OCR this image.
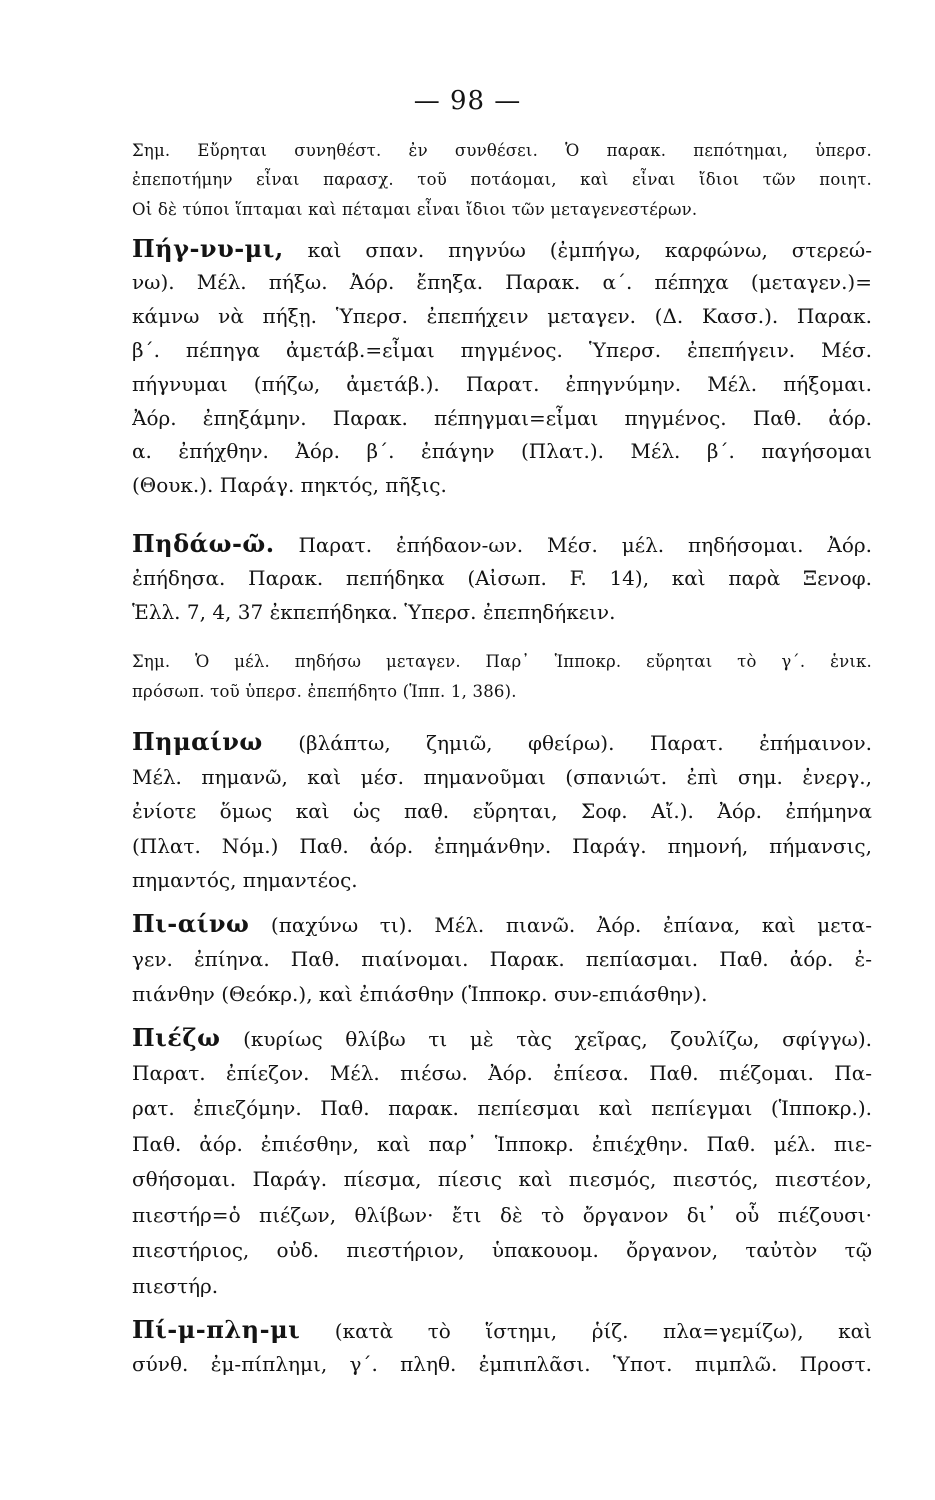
— 98 —
Σημ. Εὔρηται συνηθέστ. ἐν συνθέσει. Ὁ παρακ. πεπότημαι, ὑπερσ.
ἐπεποτήμην εἶναι παρασχ. τοῦ ποτάομαι, καὶ εἶναι ἴδιοι τῶν ποιητ.
Οἱ δὲ τύποι ἵπταμαι καὶ πέταμαι εἶναι ἴδιοι τῶν μεταγενεστέρων.
Πήγ-νυ-μι, καὶ σπαν. πηγνύω (ἐμπήγω, καρφώνω, στερεώ-
νω). Μέλ. πήξω. Ἀόρ. ἔπηξα. Παρακ. α΄. πέπηχα (μεταγεν.)=
κάμνω νὰ πήξῃ. Ὑπερσ. ἐπεπήχειν μεταγεν. (Δ. Κασσ.). Παρακ.
β΄. πέπηγα ἀμετάβ.=εἶμαι πηγμένος. Ὑπερσ. ἐπεπήγειν. Μέσ.
πήγνυμαι (πήζω, ἀμετάβ.). Παρατ. ἐπηγνύμην. Μέλ. πήξομαι.
Ἀόρ. ἐπηξάμην. Παρακ. πέπηγμαι=εἶμαι πηγμένος. Παθ. ἀόρ.
α. ἐπήχθην. Ἀόρ. β΄. ἐπάγην (Πλατ.). Μέλ. β΄. παγήσομαι
(Θουκ.). Παράγ. πηκτός, πῆξις.
Πηδάω-ῶ. Παρατ. ἐπήδαον-ων. Μέσ. μέλ. πηδήσομαι. Ἀόρ.
ἐπήδησα. Παρακ. πεπήδηκα (Αἰσωπ. F. 14), καὶ παρὰ Ξενοφ.
Ἑλλ. 7, 4, 37 ἐκπεπήδηκα. Ὑπερσ. ἐπεπηδήκειν.
Σημ. Ὁ μέλ. πηδήσω μεταγεν. Παρ᾽ Ἱπποκρ. εὔρηται τὸ γ΄. ἑνικ.
πρόσωπ. τοῦ ὑπερσ. ἐπεπήδητο (Ἱππ. 1, 386).
Πημαίνω (βλάπτω, ζημιῶ, φθείρω). Παρατ. ἐπήμαινον.
Μέλ. πημανῶ, καὶ μέσ. πημανοῦμαι (σπανιώτ. ἐπὶ σημ. ἐνεργ.,
ἐνίοτε ὅμως καὶ ὡς παθ. εὔρηται, Σοφ. Αἴ.). Ἀόρ. ἐπήμηνα
(Πλατ. Νόμ.) Παθ. ἀόρ. ἐπημάνθην. Παράγ. πημονή, πήμανσις,
πημαντός, πημαντέος.
Πι-αίνω (παχύνω τι). Μέλ. πιανῶ. Ἀόρ. ἐπίανα, καὶ μετα-
γεν. ἐπίηνα. Παθ. πιαίνομαι. Παρακ. πεπίασμαι. Παθ. ἀόρ. ἐ-
πιάνθην (Θεόκρ.), καὶ ἐπιάσθην (Ἱπποκρ. συν-επιάσθην).
Πιέζω (κυρίως θλίβω τι μὲ τὰς χεῖρας, ζουλίζω, σφίγγω).
Παρατ. ἐπίεζον. Μέλ. πιέσω. Ἀόρ. ἐπίεσα. Παθ. πιέζομαι. Πα-
ρατ. ἐπιεζόμην. Παθ. παρακ. πεπίεσμαι καὶ πεπίεγμαι (Ἱπποκρ.).
Παθ. ἀόρ. ἐπιέσθην, καὶ παρ᾽ Ἱπποκρ. ἐπιέχθην. Παθ. μέλ. πιε-
σθήσομαι. Παράγ. πίεσμα, πίεσις καὶ πιεσμός, πιεστός, πιεστέον,
πιεστήρ=ὁ πιέζων, θλίβων· ἔτι δὲ τὸ ὄργανον δι᾽ οὗ πιέζουσι·
πιεστήριος, οὐδ. πιεστήριον, ὑπακουομ. ὄργανον, ταὐτὸν τῷ
πιεστήρ.
Πί-μ-πλη-μι (κατὰ τὸ ἵστημι, ῥίζ. πλα=γεμίζω), καὶ
σύνθ. ἐμ-πίπλημι, γ΄. πληθ. ἐμπιπλᾶσι. Ὑποτ. πιμπλῶ. Προστ.
